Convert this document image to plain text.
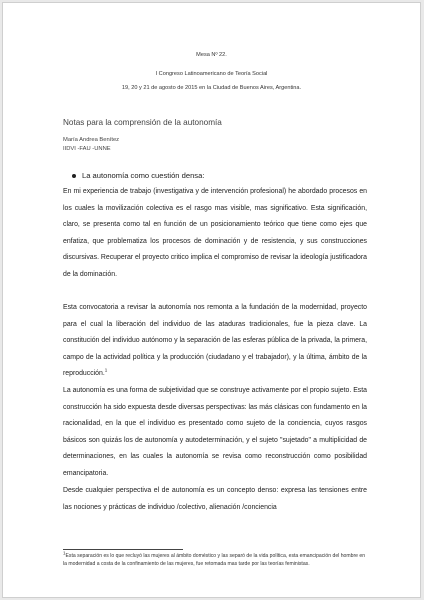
Mesa Nº 22.
I Congreso Latinoamericano de Teoría Social
19, 20 y 21 de agosto de 2015 en la Ciudad de Buenos Aires, Argentina.
Notas para la comprensión de la autonomía
María Andrea Benítez
IIDVI -FAU -UNNE
La autonomía como cuestión densa:

En mi experiencia de trabajo (investigativa y de intervención profesional) he abordado procesos en los cuales la movilización colectiva es el rasgo mas visible, mas significativo. Esta significación, claro, se presenta como tal en función de un posicionamiento teórico que tiene como ejes que enfatiza, que problematiza los procesos de dominación y de resistencia, y sus construcciones discursivas. Recuperar el proyecto critico implica el compromiso de revisar la ideología justificadora de la dominación.

Esta convocatoria a revisar la autonomía nos remonta a la fundación de la modernidad, proyecto para el cual la liberación del individuo de las ataduras tradicionales, fue la pieza clave. La constitución del individuo autónomo y la separación de las esferas pública de la privada, la primera, campo de la actividad política y la producción (ciudadano y el trabajador), y la última, ámbito de la reproducción.$^1$

La autonomía es una forma de subjetividad que se construye activamente por el propio sujeto. Esta construcción ha sido expuesta desde diversas perspectivas: las más clásicas con fundamento en la racionalidad, en la que el individuo es presentado como sujeto de la conciencia, cuyos rasgos básicos son quizás los de autonomía y autodeterminación, y el sujeto "sujetado" a multiplicidad de determinaciones, en las cuales la autonomía se revisa como reconstrucción como posibilidad emancipatoria.

Desde cualquier perspectiva el de autonomía es un concepto denso: expresa las tensiones entre las nociones y prácticas de individuo /colectivo, alienación /conciencia

1Esta separación es lo que recluyó las mujeres al ámbito doméstico y las separó de la vida política, esta emancipación del hombre en la modernidad a costa de la confinamiento de las mujeres, fue retomada mas tarde por las teorías feministas.
